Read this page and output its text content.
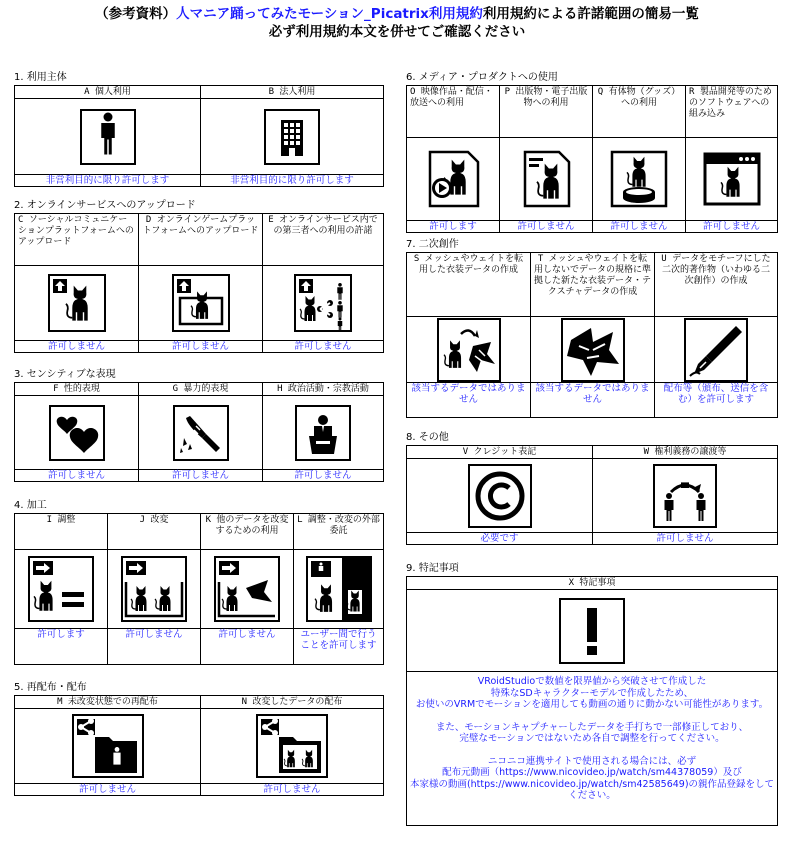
（参考資料）人マニア踊ってみたモーション_Picatrix利用規約利用規約による許諾範囲の簡易一覧
必ず利用規約本文を併せてご確認ください
1. 利用主体
A 個人利用
非営利目的に限り許可します
B 法人利用
非営利目的に限り許可します
2. オンラインサービスへのアップロード
C ソーシャルコミュニケーションプラットフォームへのアップロード
許可しません
D オンラインゲームプラットフォームへのアップロード
許可しません
E オンラインサービス内での第三者への利用の許諾
許可しません
3. センシティブな表現
F 性的表現
許可しません
G 暴力的表現
許可しません
H 政治活動・宗教活動
許可しません
4. 加工
I 調整
許可します
J 改変
許可しません
K 他のデータを改変するための利用
許可しません
L 調整・改変の外部委託
ユーザー間で行うことを許可します
5. 再配布・配布
M 未改変状態での再配布
許可しません
N 改変したデータの配布
許可しません
6. メディア・プロダクトへの使用
O 映像作品・配信・放送への利用
許可します
P 出版物・電子出版物への利用
許可しません
Q 有体物（グッズ）への利用
許可しません
R 製品開発等のためのソフトウェアへの組み込み
許可しません
7. 二次創作
S メッシュやウェイトを転用した衣装データの作成
該当するデータではありません
T メッシュやウェイトを転用しないでデータの規格に準拠した新たな衣装データ・テクスチャデータの作成
該当するデータではありません
U データをモチーフにした二次的著作物（いわゆる二次創作）の作成
配布等（頒布、送信を含む）を許可します
8. その他
V クレジット表記
必要です
W 権利義務の譲渡等
許可しません
9. 特記事項
X 特記事項
VRoidStudioで数値を限界値から突破させて作成した
特殊なSDキャラクターモデルで作成したため、
お使いのVRMでモーションを適用しても動画の通りに動かない可能性があります。
また、モーションキャプチャーしたデータを手打ちで一部修正しており、
完璧なモーションではないため各自で調整を行ってください。
ニコニコ連携サイトで使用される場合には、必ず
配布元動画（https://www.nicovideo.jp/watch/sm44378059）及び
本家様の動画(https://www.nicovideo.jp/watch/sm42585649)の親作品登録をしてください。
